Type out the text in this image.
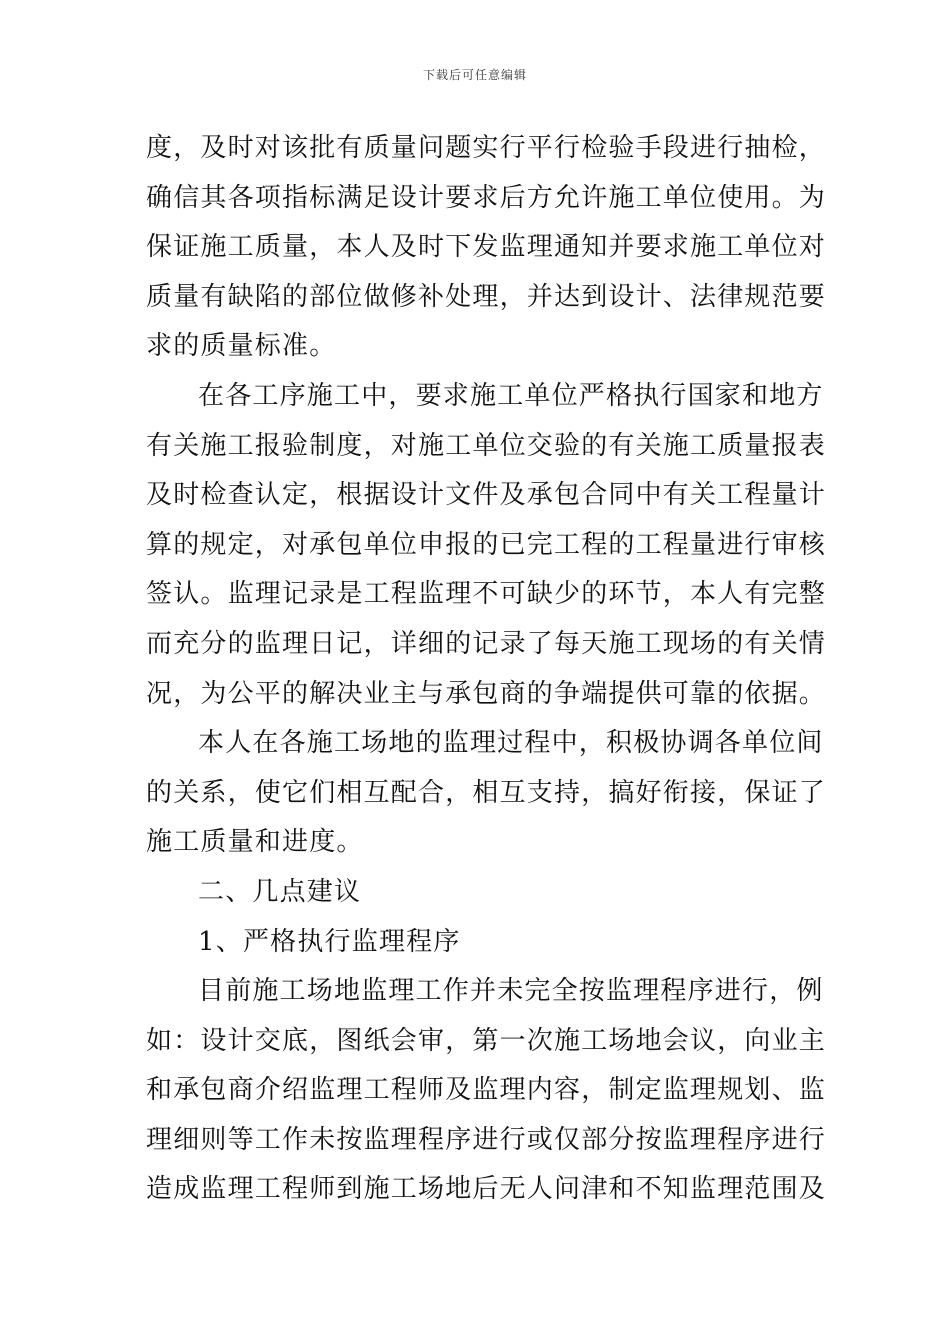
下载后可任意编辑
度，及时对该批有质量问题实行平行检验手段进行抽检，
确信其各项指标满足设计要求后方允许施工单位使用。为
保证施工质量，本人及时下发监理通知并要求施工单位对
质量有缺陷的部位做修补处理，并达到设计、法律规范要
求的质量标准。
在各工序施工中，要求施工单位严格执行国家和地方
有关施工报验制度，对施工单位交验的有关施工质量报表
及时检查认定，根据设计文件及承包合同中有关工程量计
算的规定，对承包单位申报的已完工程的工程量进行审核
签认。监理记录是工程监理不可缺少的环节，本人有完整
而充分的监理日记，详细的记录了每天施工现场的有关情
况，为公平的解决业主与承包商的争端提供可靠的依据。
本人在各施工场地的监理过程中，积极协调各单位间
的关系，使它们相互配合，相互支持，搞好衔接，保证了
施工质量和进度。
二、几点建议
1、严格执行监理程序
目前施工场地监理工作并未完全按监理程序进行，例
如：设计交底，图纸会审，第一次施工场地会议，向业主
和承包商介绍监理工程师及监理内容，制定监理规划、监
理细则等工作未按监理程序进行或仅部分按监理程序进行
造成监理工程师到施工场地后无人问津和不知监理范围及
